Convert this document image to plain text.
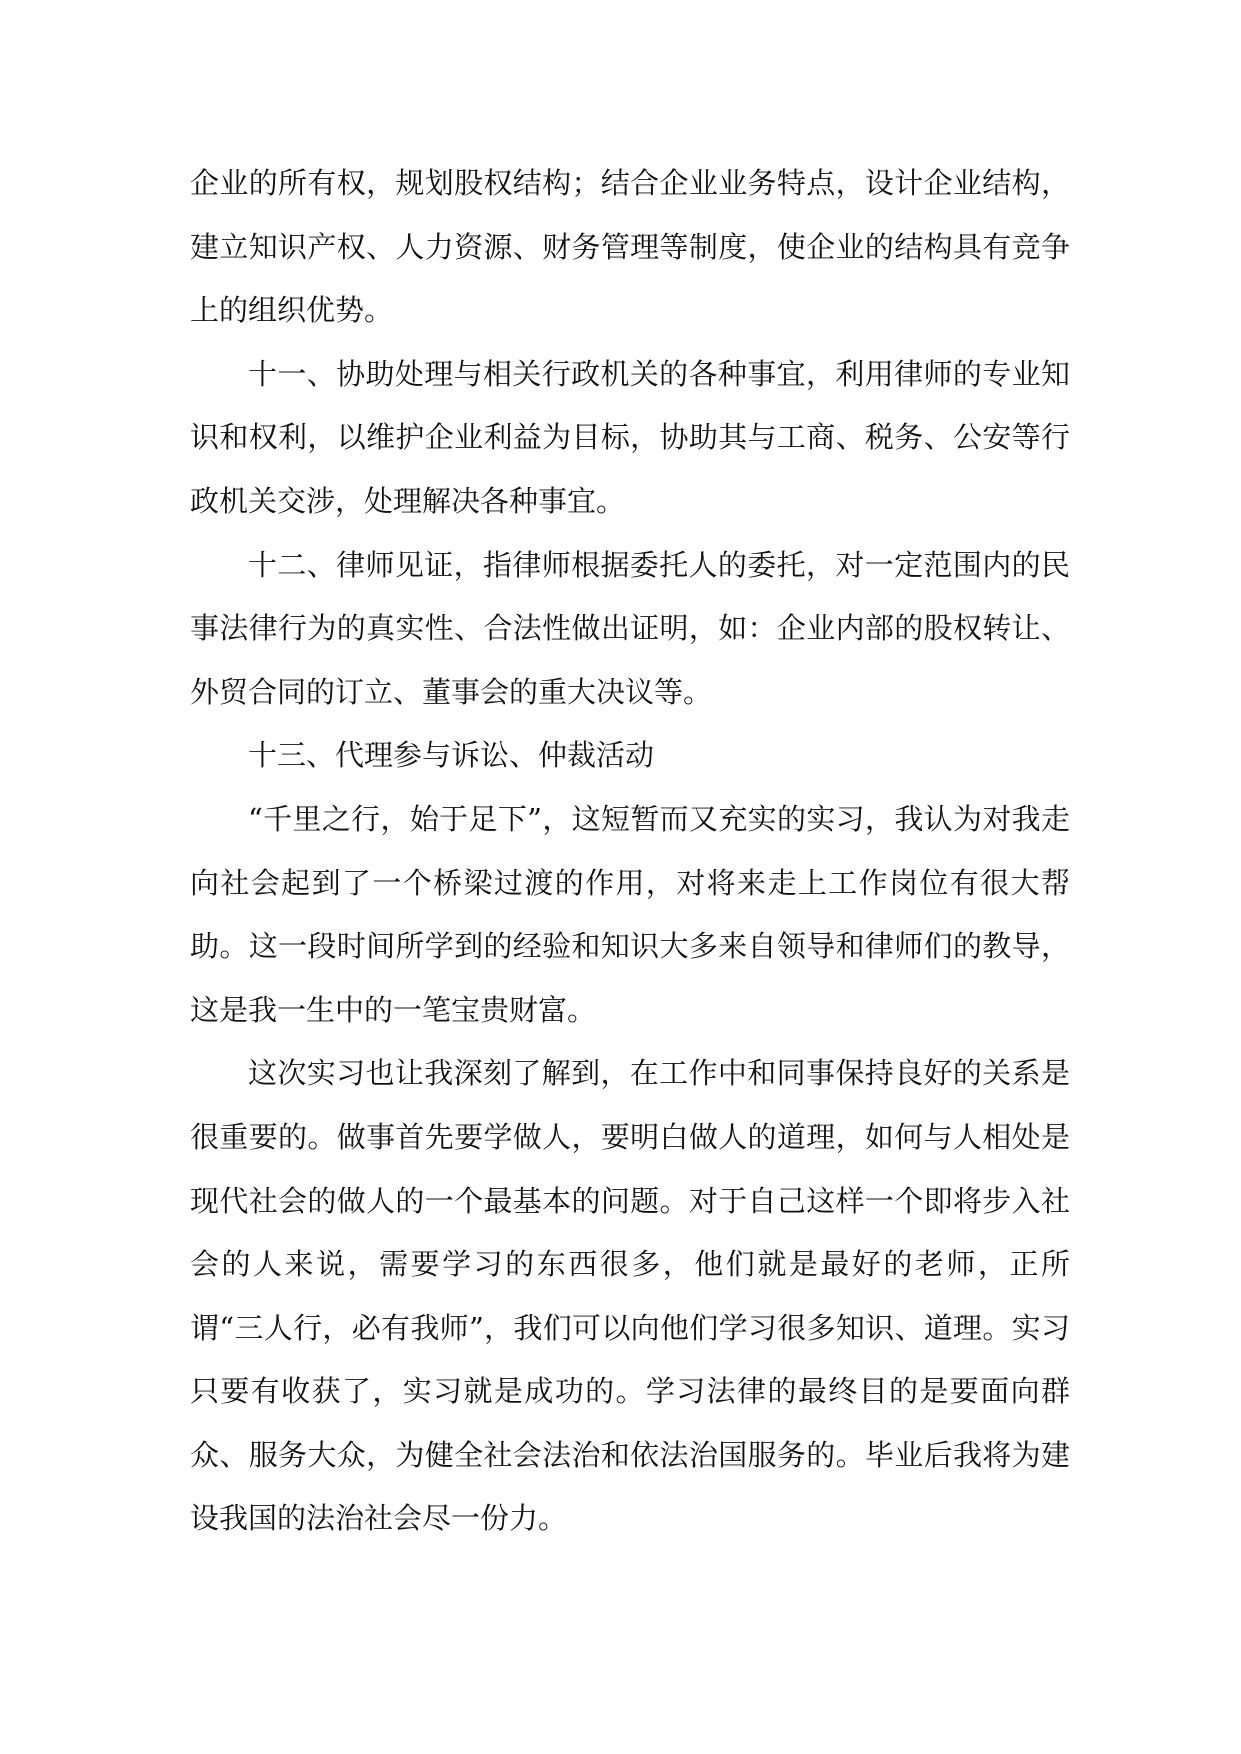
企业的所有权，规划股权结构；结合企业业务特点，设计企业结构，建立知识产权、人力资源、财务管理等制度，使企业的结构具有竞争上的组织优势。

十一、协助处理与相关行政机关的各种事宜，利用律师的专业知识和权利，以维护企业利益为目标，协助其与工商、税务、公安等行政机关交涉，处理解决各种事宜。

十二、律师见证，指律师根据委托人的委托，对一定范围内的民事法律行为的真实性、合法性做出证明，如：企业内部的股权转让、外贸合同的订立、董事会的重大决议等。

十三、代理参与诉讼、仲裁活动

“千里之行，始于足下”，这短暂而又充实的实习，我认为对我走向社会起到了一个桥梁过渡的作用，对将来走上工作岗位有很大帮助。这一段时间所学到的经验和知识大多来自领导和律师们的教导，这是我一生中的一笔宝贵财富。

这次实习也让我深刻了解到，在工作中和同事保持良好的关系是很重要的。做事首先要学做人，要明白做人的道理，如何与人相处是现代社会的做人的一个最基本的问题。对于自己这样一个即将步入社会的人来说，需要学习的东西很多，他们就是最好的老师，正所谓“三人行，必有我师”，我们可以向他们学习很多知识、道理。实习只要有收获了，实习就是成功的。学习法律的最终目的是要面向群众、服务大众，为健全社会法治和依法治国服务的。毕业后我将为建设我国的法治社会尽一份力。
